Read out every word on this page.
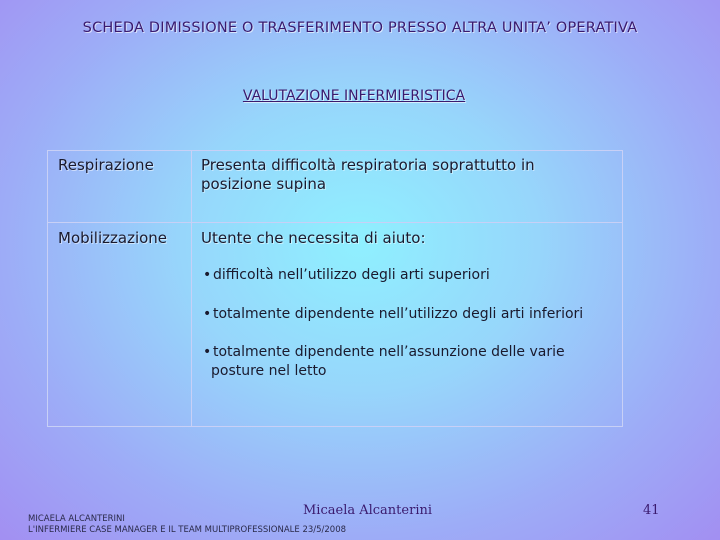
SCHEDA DIMISSIONE O TRASFERIMENTO PRESSO ALTRA UNITA’ OPERATIVA
VALUTAZIONE INFERMIERISTICA
Respirazione	Presenta difficoltà respiratoria soprattutto in posizione supina
Mobilizzazione Utente che necessita di aiuto:
• difficoltà nell’utilizzo degli arti superiori
• totalmente dipendente nell’utilizzo degli arti inferiori
• totalmente dipendente nell’assunzione delle varie
posture nel letto
Micaela Alcanterini	41
MICAELA ALCANTERINI
L'INFERMIERE CASE MANAGER E IL TEAM MULTIPROFESSIONALE 23/5/2008
